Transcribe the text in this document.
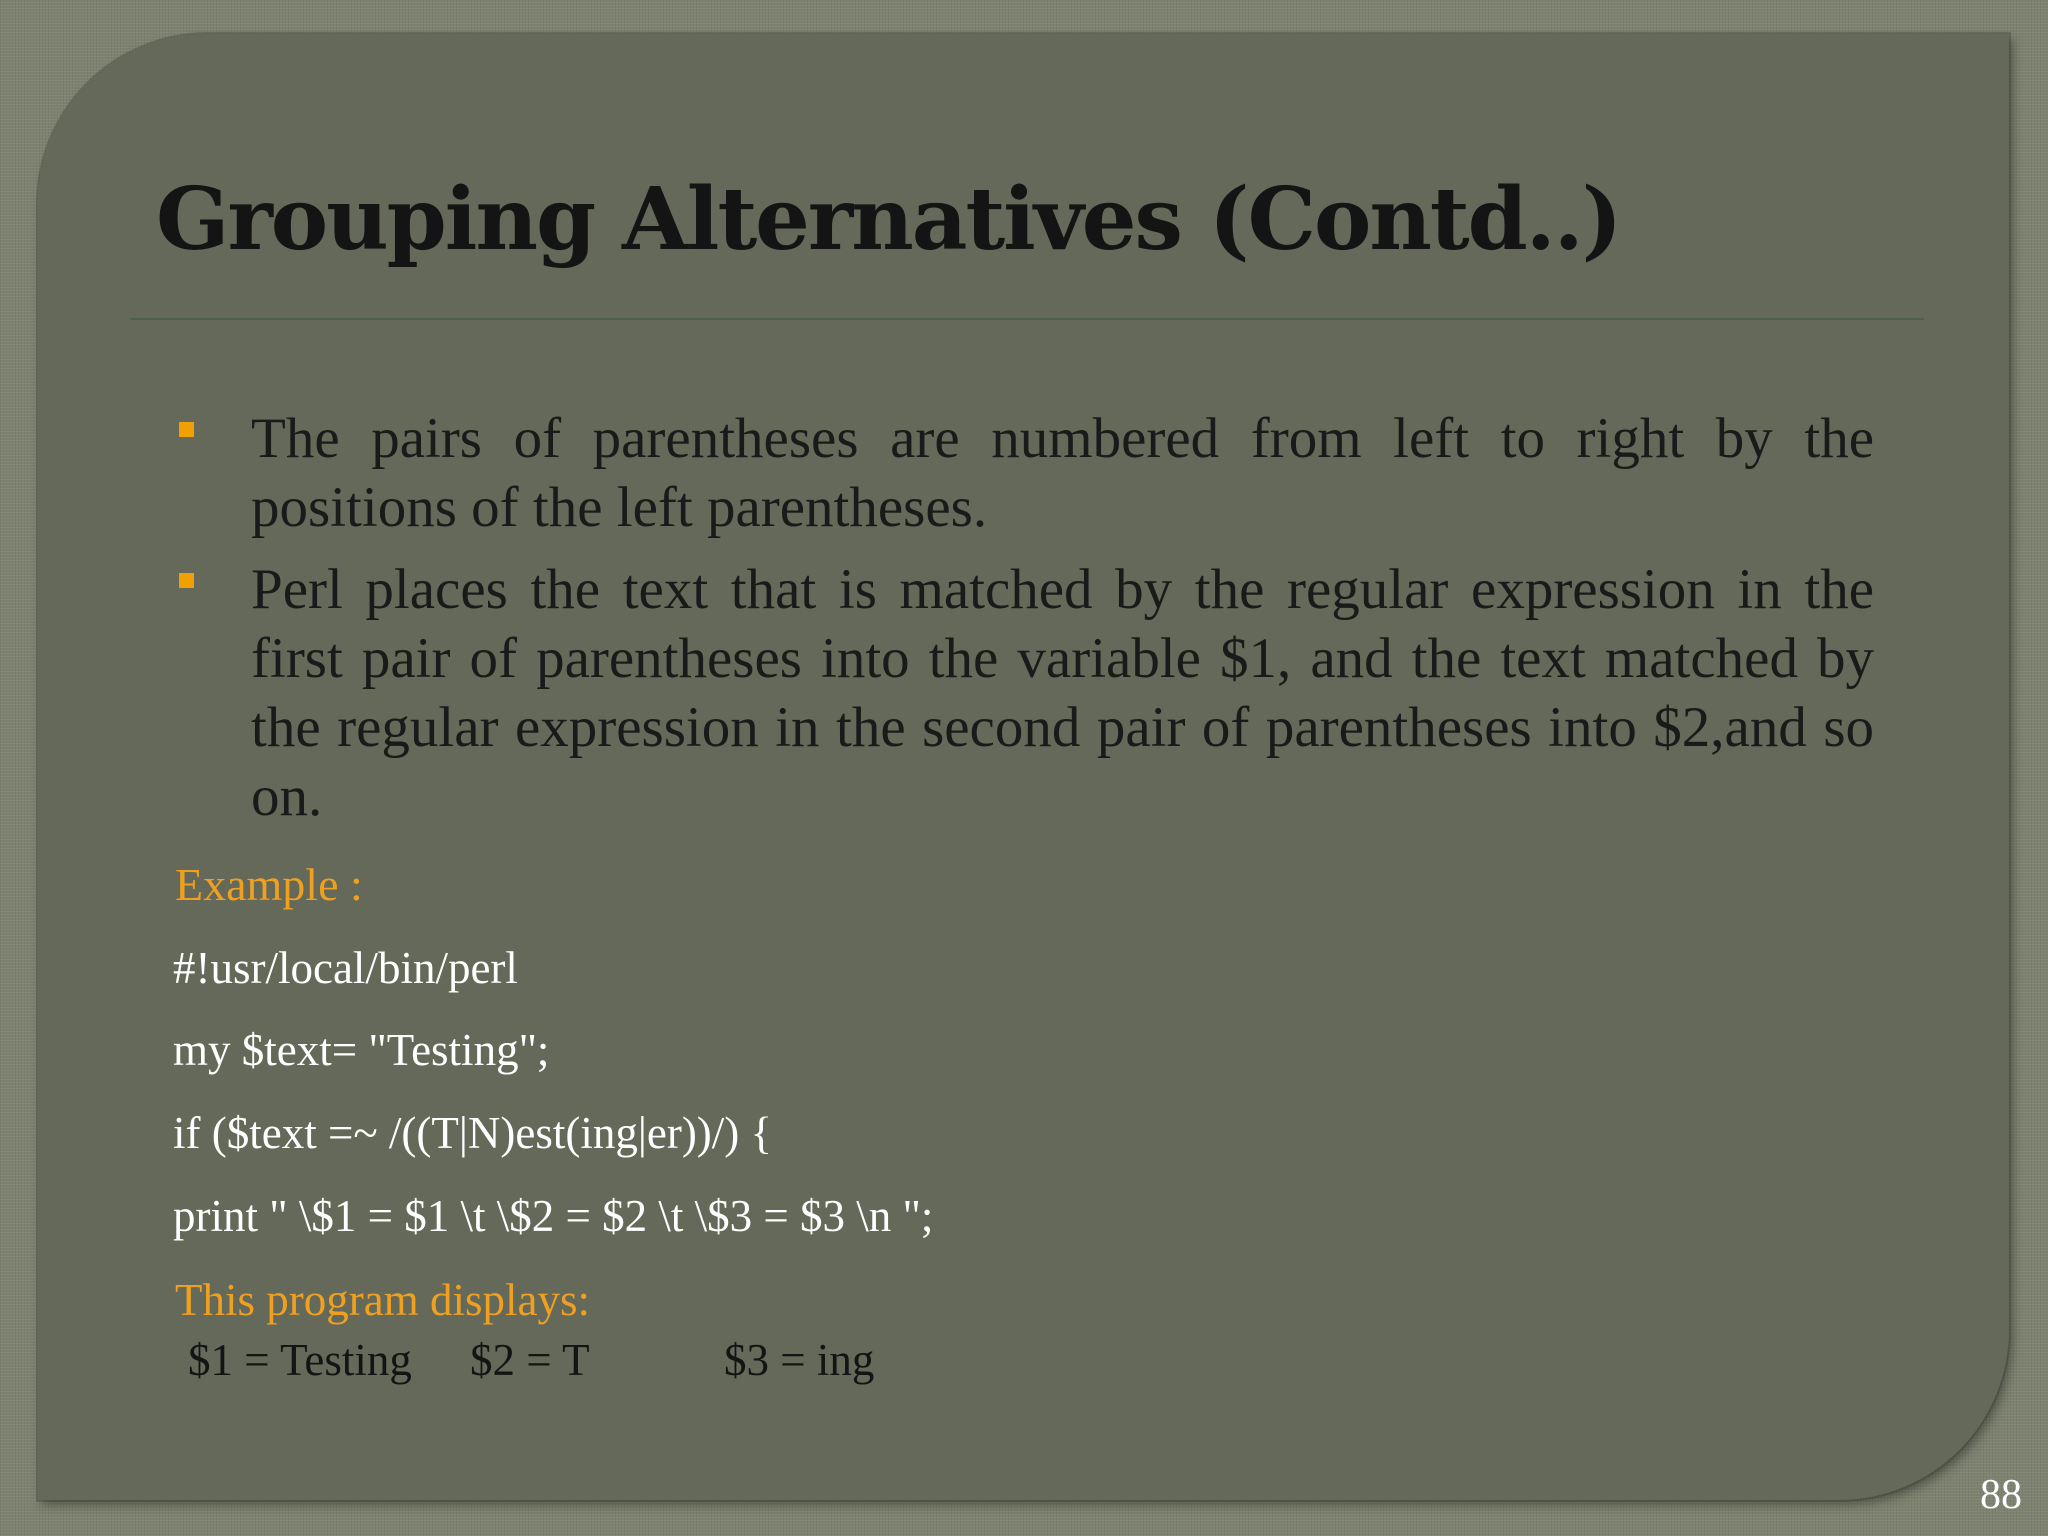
Grouping Alternatives (Contd..)
The pairs of parentheses are numbered from left to right by the positions of the left parentheses.
Perl places the text that is matched by the regular expression in the first pair of parentheses into the variable $1, and the text matched by the regular expression in the second pair of parentheses into $2,and so on.
Example :
#!usr/local/bin/perl
my $text= "Testing";
if ($text =~ /((T|N)est(ing|er))/) {
print " \$1 = $1 \t \$2 = $2 \t \$3 = $3 \n ";
This program displays:
$1 = Testing $2 = T	$3 = ing
88
